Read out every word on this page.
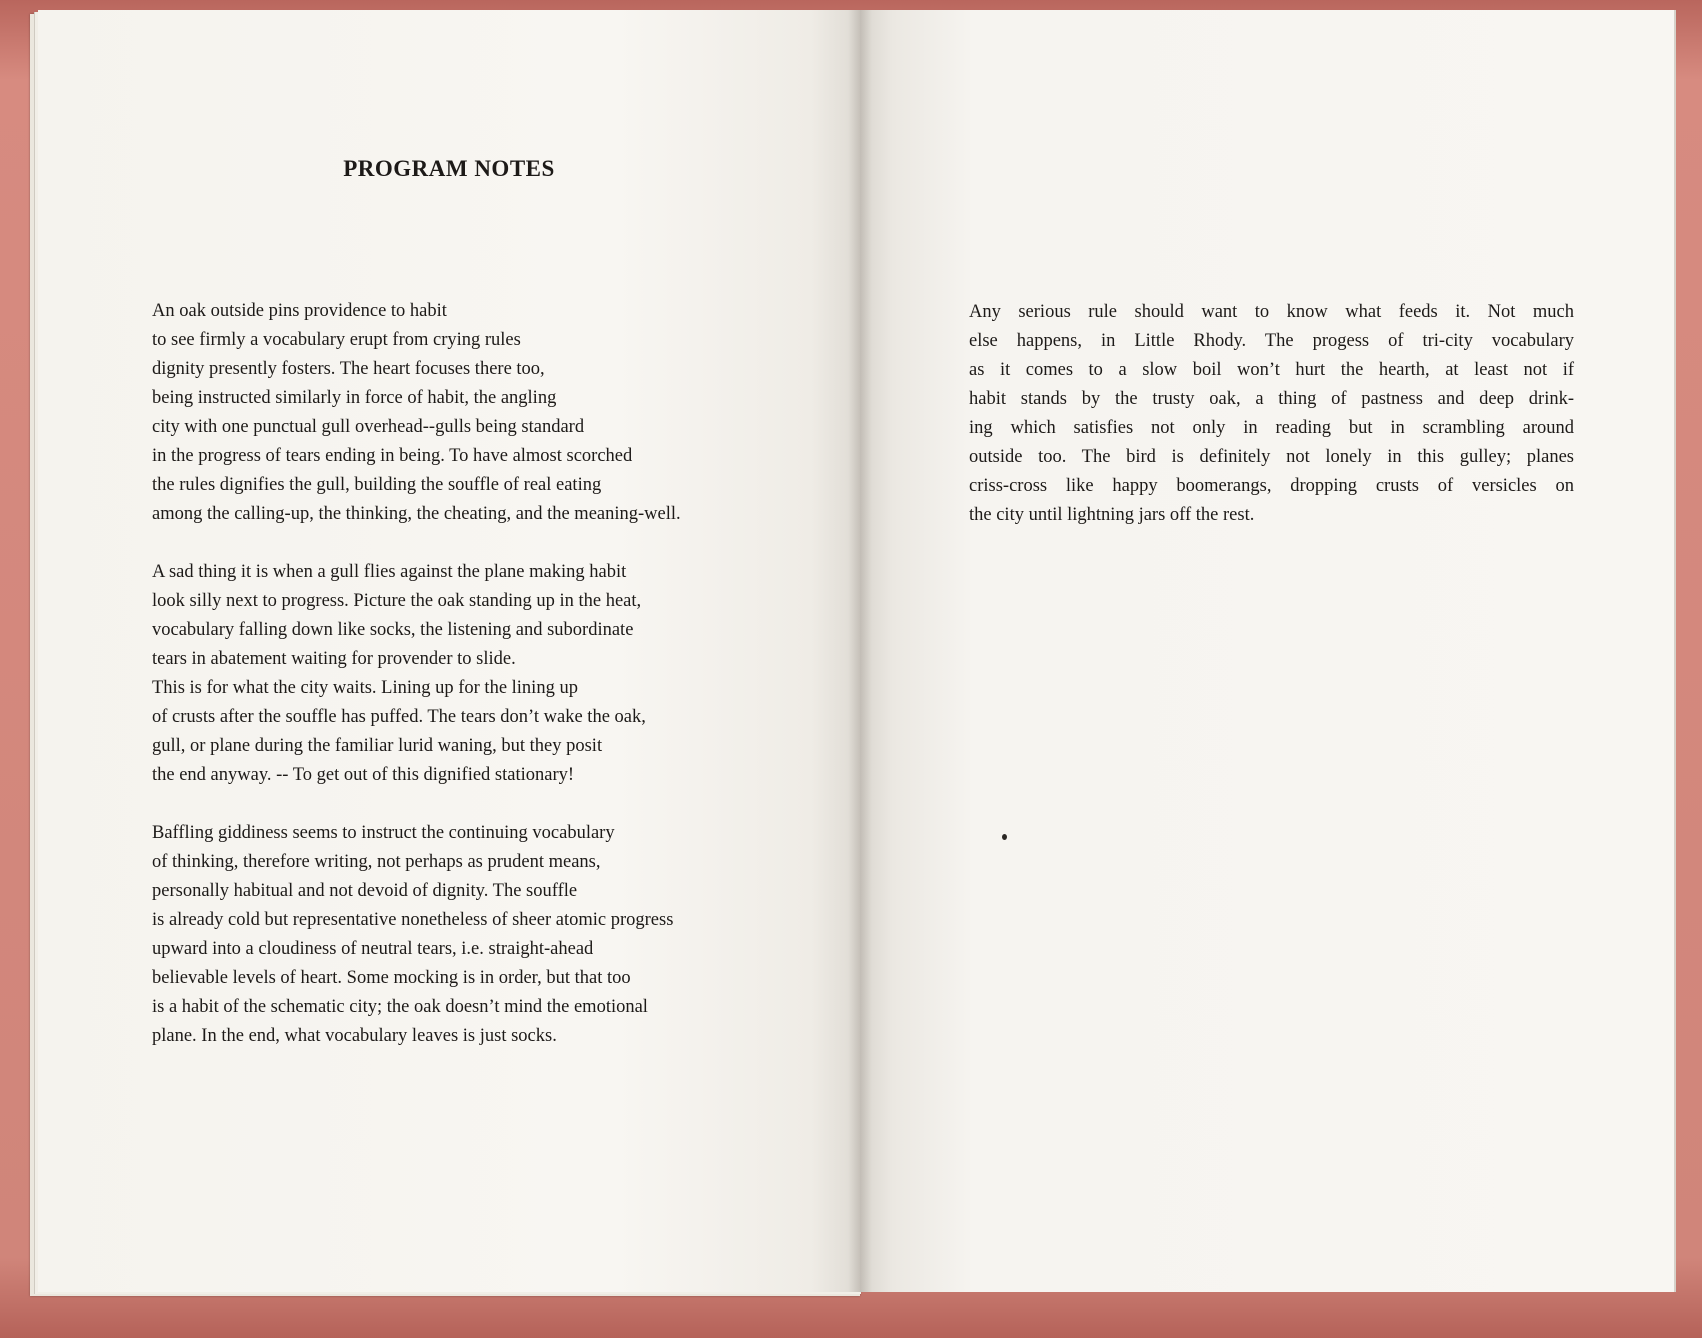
PROGRAM NOTES
An oak outside pins providence to habit
to see firmly a vocabulary erupt from crying rules
dignity presently fosters. The heart focuses there too,
being instructed similarly in force of habit, the angling
city with one punctual gull overhead--gulls being standard
in the progress of tears ending in being. To have almost scorched
the rules dignifies the gull, building the souffle of real eating
among the calling-up, the thinking, the cheating, and the meaning-well.
A sad thing it is when a gull flies against the plane making habit
look silly next to progress. Picture the oak standing up in the heat,
vocabulary falling down like socks, the listening and subordinate
tears in abatement waiting for provender to slide.
This is for what the city waits. Lining up for the lining up
of crusts after the souffle has puffed. The tears don’t wake the oak,
gull, or plane during the familiar lurid waning, but they posit
the end anyway. -- To get out of this dignified stationary!
Baffling giddiness seems to instruct the continuing vocabulary
of thinking, therefore writing, not perhaps as prudent means,
personally habitual and not devoid of dignity. The souffle
is already cold but representative nonetheless of sheer atomic progress
upward into a cloudiness of neutral tears, i.e. straight-ahead
believable levels of heart. Some mocking is in order, but that too
is a habit of the schematic city; the oak doesn’t mind the emotional
plane. In the end, what vocabulary leaves is just socks.
Any serious rule should want to know what feeds it. Not much
else happens, in Little Rhody. The progess of tri-city vocabulary
as it comes to a slow boil won’t hurt the hearth, at least not if
habit stands by the trusty oak, a thing of pastness and deep drink-
ing which satisfies not only in reading but in scrambling around
outside too. The bird is definitely not lonely in this gulley; planes
criss-cross like happy boomerangs, dropping crusts of versicles on
the city until lightning jars off the rest.
